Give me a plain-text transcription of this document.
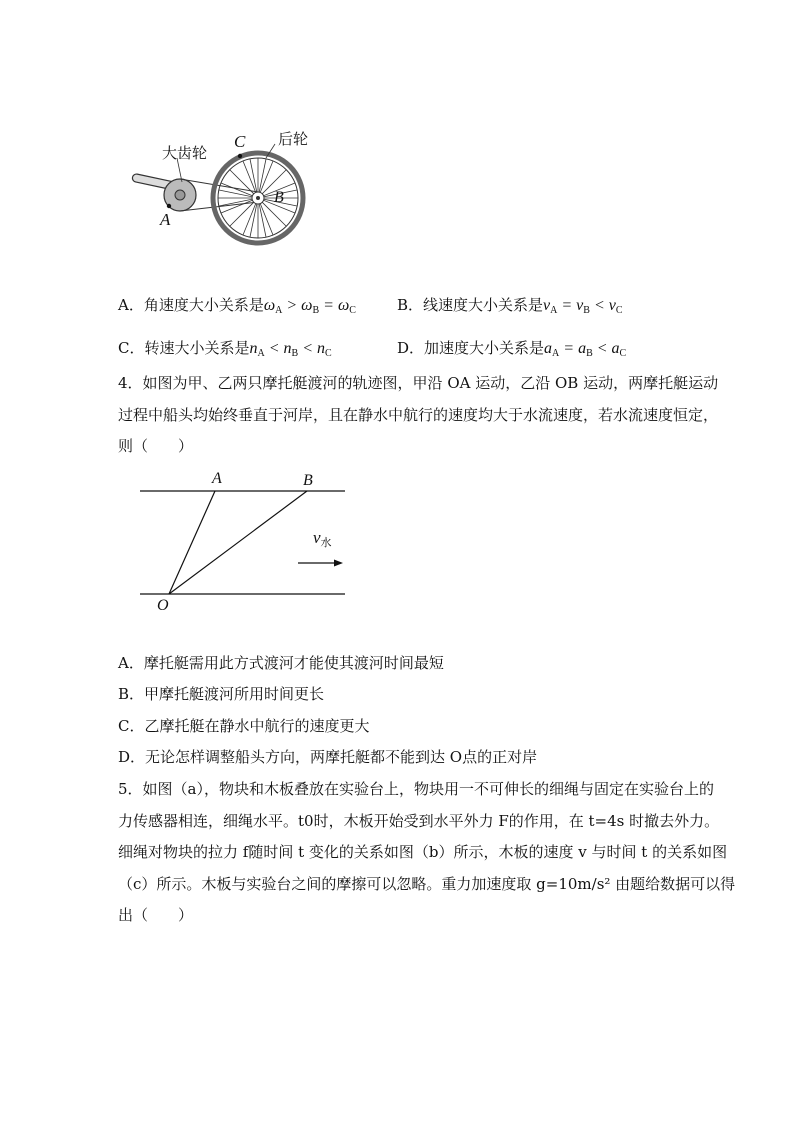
大齿轮
后轮
C
A
B
A．角速度大小关系是$\omega_A > \omega_B = \omega_C$	B．线速度大小关系是$v_A = v_B < v_C$
C．转速大小关系是$n_A < n_B < n_C$	D．加速度大小关系是$a_A = a_B < a_C$
4．如图为甲、乙两只摩托艇渡河的轨迹图，甲沿 OA 运动，乙沿 OB 运动，两摩托艇运动
过程中船头均始终垂直于河岸，且在静水中航行的速度均大于水流速度，若水流速度恒定，
则（　　）
A	B
O
$v_水$
A．摩托艇需用此方式渡河才能使其渡河时间最短
B．甲摩托艇渡河所用时间更长
C．乙摩托艇在静水中航行的速度更大
D．无论怎样调整船头方向，两摩托艇都不能到达 O点的正对岸
5．如图（a），物块和木板叠放在实验台上，物块用一不可伸长的细绳与固定在实验台上的
力传感器相连，细绳水平。t0时，木板开始受到水平外力 F的作用，在 t=4s 时撤去外力。
细绳对物块的拉力 f随时间 t 变化的关系如图（b）所示，木板的速度 v 与时间 t 的关系如图
（c）所示。木板与实验台之间的摩擦可以忽略。重力加速度取 g=10m/s² 由题给数据可以得
出（　　）
